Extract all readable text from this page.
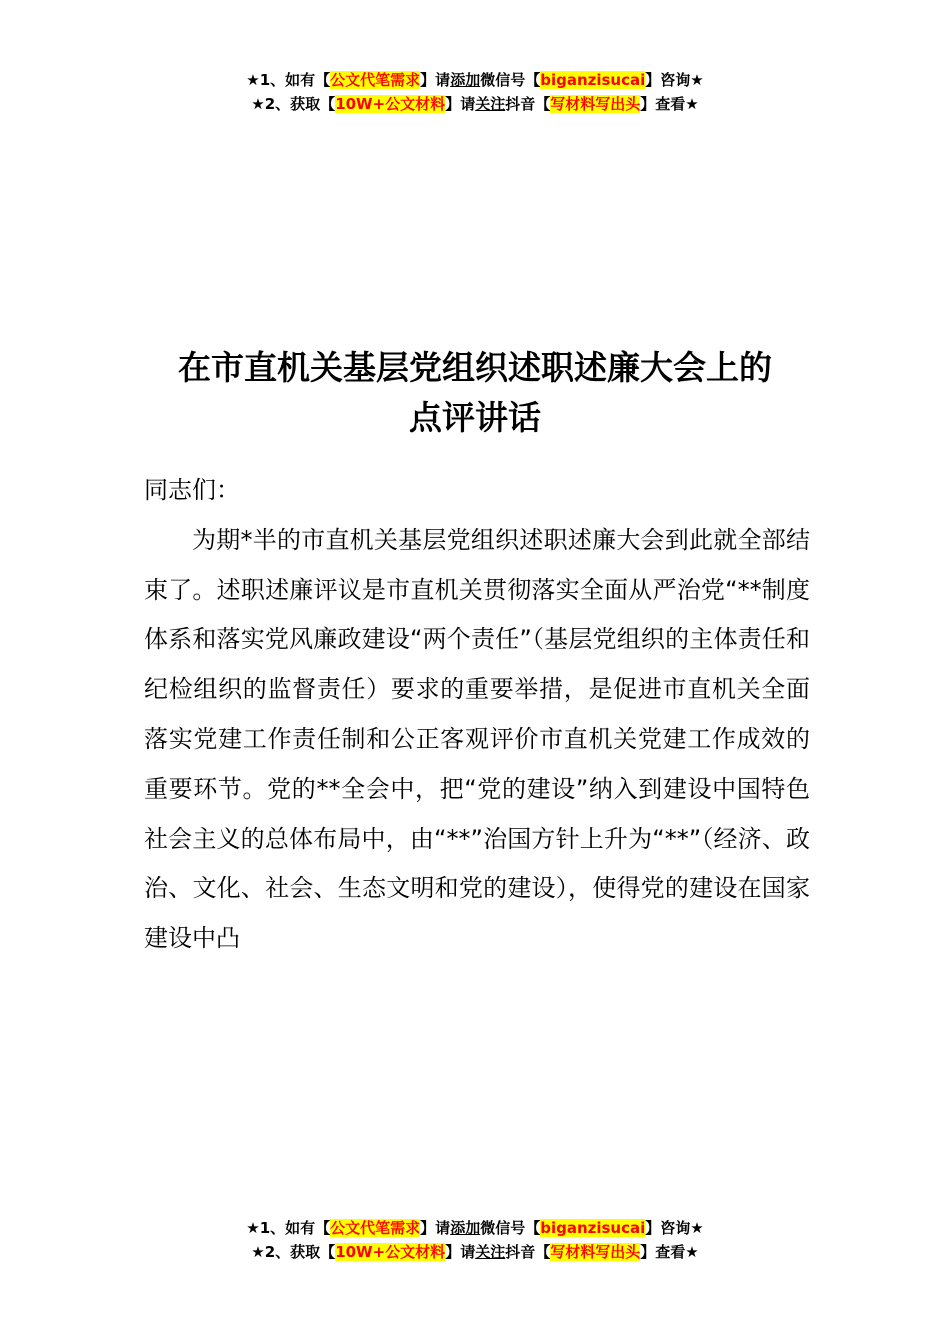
★1、如有【公文代笔需求】请添加微信号【biganzisucai】咨询★
★2、获取【10W+公文材料】请关注抖音【写材料写出头】查看★
在市直机关基层党组织述职述廉大会上的
点评讲话

同志们：

为期*半的市直机关基层党组织述职述廉大会到此就全部结束了。述职述廉评议是市直机关贯彻落实全面从严治党“**制度体系和落实党风廉政建设“两个责任”（基层党组织的主体责任和纪检组织的监督责任）要求的重要举措，是促进市直机关全面落实党建工作责任制和公正客观评价市直机关党建工作成效的重要环节。党的**全会中，把“党的建设”纳入到建设中国特色社会主义的总体布局中，由“**”治国方针上升为“**”（经济、政治、文化、社会、生态文明和党的建设），使得党的建设在国家建设中凸

★1、如有【公文代笔需求】请添加微信号【biganzisucai】咨询★
★2、获取【10W+公文材料】请关注抖音【写材料写出头】查看★
